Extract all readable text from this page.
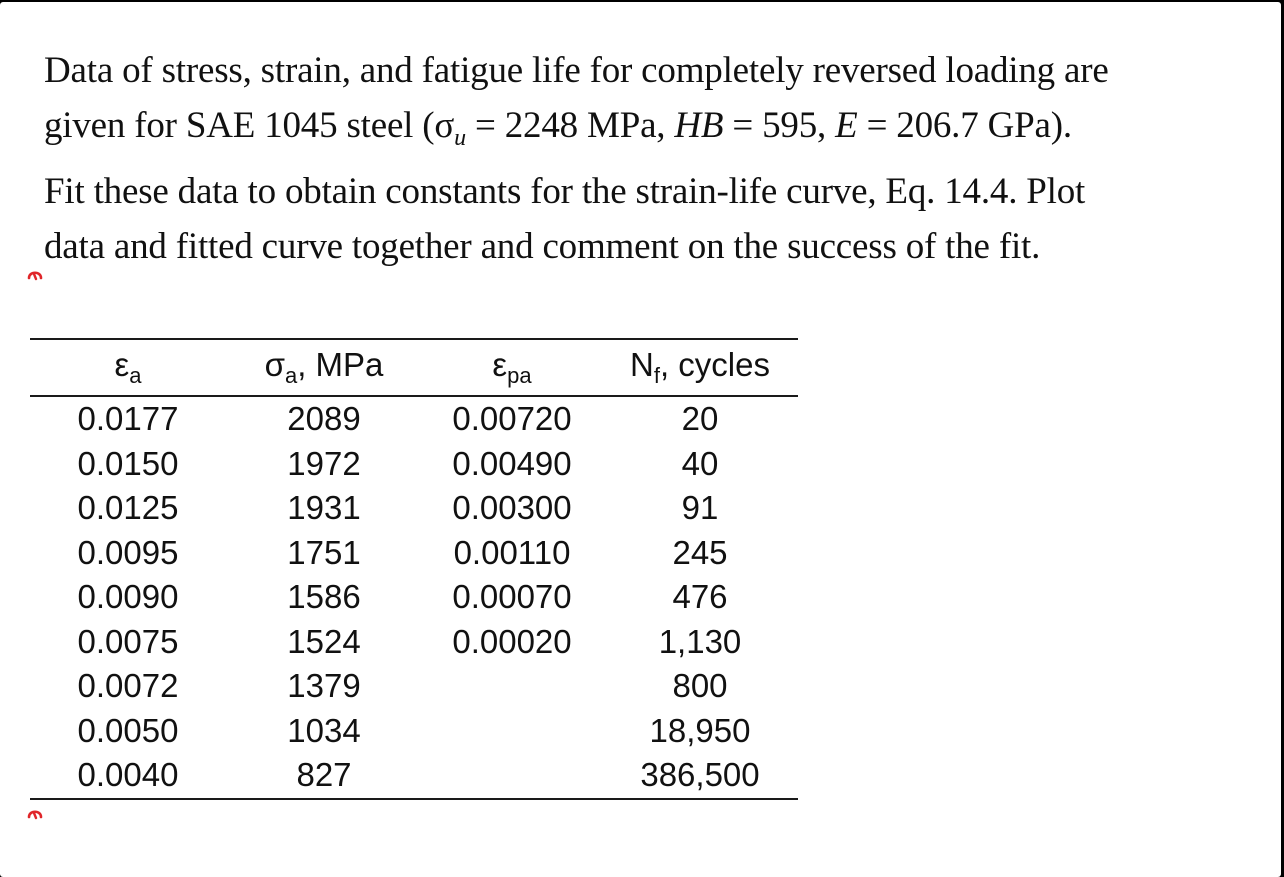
Data of stress, strain, and fatigue life for completely reversed loading are
given for SAE 1045 steel ($\sigma_u = 2248$ MPa, HB = 595, E = 206.7 GPa).
Fit these data to obtain constants for the strain-life curve, Eq. 14.4. Plot
data and fitted curve together and comment on the success of the fit.

$\varepsilon_a$	$\sigma_a$, MPa	$\varepsilon_{pa}$	$N_f$, cycles
0.0177	2089	0.00720	20
0.0150	1972	0.00490	40
0.0125	1931	0.00300	91
0.0095	1751	0.00110	245
0.0090	1586	0.00070	476
0.0075	1524	0.00020	1,130
0.0072	1379		800
0.0050	1034		18,950
0.0040	827		386,500
